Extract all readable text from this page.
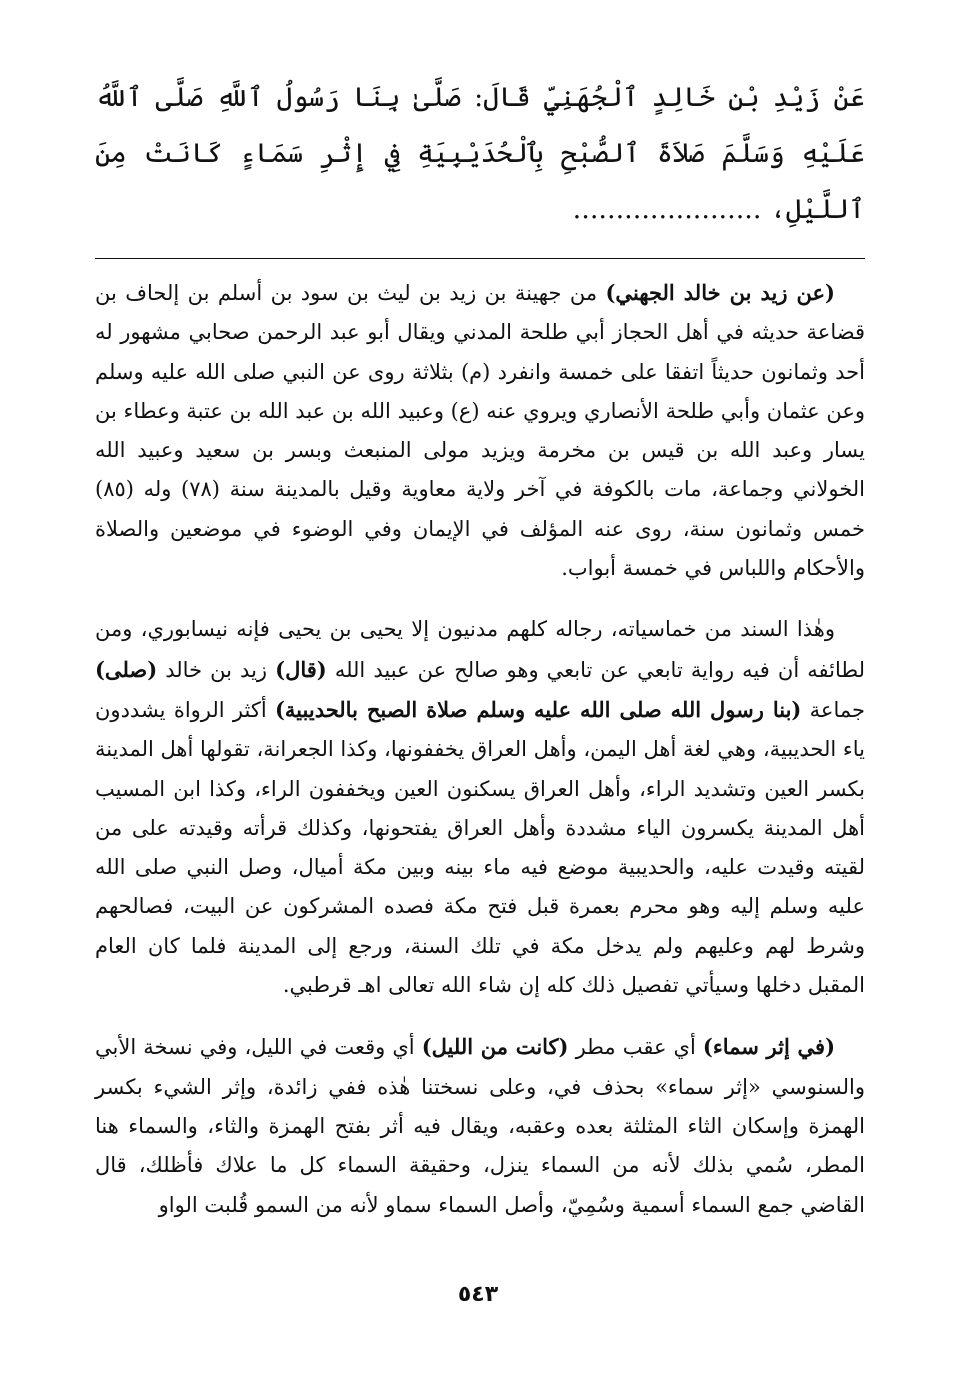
عَنْ زَيْدِ بْنِ خَالِدٍ ٱلْجُهَنِيِّ قَالَ: صَلَّىٰ بِنَا رَسُولُ ٱللَّهِ صَلَّى ٱللَّهُ عَلَيْهِ وَسَلَّمَ صَلاَةَ ٱلصُّبْحِ بِٱلْحُدَيْبِيَةِ فِي إِثْرِ سَمَاءٍ كَانَتْ مِنَ ٱللَّيْلِ، ......................

(عن زيد بن خالد الجهني) من جهينة بن زيد بن ليث بن سود بن أسلم بن إلحاف بن قضاعة حديثه في أهل الحجاز أبي طلحة المدني ويقال أبو عبد الرحمن صحابي مشهور له أحد وثمانون حديثاً اتفقا على خمسة وانفرد (م) بثلاثة روى عن النبي صلى الله عليه وسلم وعن عثمان وأبي طلحة الأنصاري ويروي عنه (ع) وعبيد الله بن عبد الله بن عتبة وعطاء بن يسار وعبد الله بن قيس بن مخرمة ويزيد مولى المنبعث وبسر بن سعيد وعبيد الله الخولاني وجماعة، مات بالكوفة في آخر ولاية معاوية وقيل بالمدينة سنة (٧٨) وله (٨٥) خمس وثمانون سنة، روى عنه المؤلف في الإيمان وفي الوضوء في موضعين والصلاة والأحكام واللباس في خمسة أبواب.

وهٰذا السند من خماسياته، رجاله كلهم مدنيون إلا يحيى بن يحيى فإنه نيسابوري، ومن لطائفه أن فيه رواية تابعي عن تابعي وهو صالح عن عبيد الله (قال) زيد بن خالد (صلى) جماعة (بنا رسول الله صلى الله عليه وسلم صلاة الصبح بالحديبية) أكثر الرواة يشددون ياء الحديبية، وهي لغة أهل اليمن، وأهل العراق يخففونها، وكذا الجعرانة، تقولها أهل المدينة بكسر العين وتشديد الراء، وأهل العراق يسكنون العين ويخففون الراء، وكذا ابن المسيب أهل المدينة يكسرون الياء مشددة وأهل العراق يفتحونها، وكذلك قرأته وقيدته على من لقيته وقيدت عليه، والحديبية موضع فيه ماء بينه وبين مكة أميال، وصل النبي صلى الله عليه وسلم إليه وهو محرم بعمرة قبل فتح مكة فصده المشركون عن البيت، فصالحهم وشرط لهم وعليهم ولم يدخل مكة في تلك السنة، ورجع إلى المدينة فلما كان العام المقبل دخلها وسيأتي تفصيل ذلك كله إن شاء الله تعالى اهـ قرطبي.

(في إثر سماء) أي عقب مطر (كانت من الليل) أي وقعت في الليل، وفي نسخة الأبي والسنوسي «إثر سماء» بحذف في، وعلى نسختنا هٰذه ففي زائدة، وإثر الشيء بكسر الهمزة وإسكان الثاء المثلثة بعده وعقبه، ويقال فيه أثر بفتح الهمزة والثاء، والسماء هنا المطر، سُمي بذلك لأنه من السماء ينزل، وحقيقة السماء كل ما علاك فأظلك، قال القاضي جمع السماء أسمية وسُمِيّ، وأصل السماء سماو لأنه من السمو قُلبت الواو

٥٤٣
